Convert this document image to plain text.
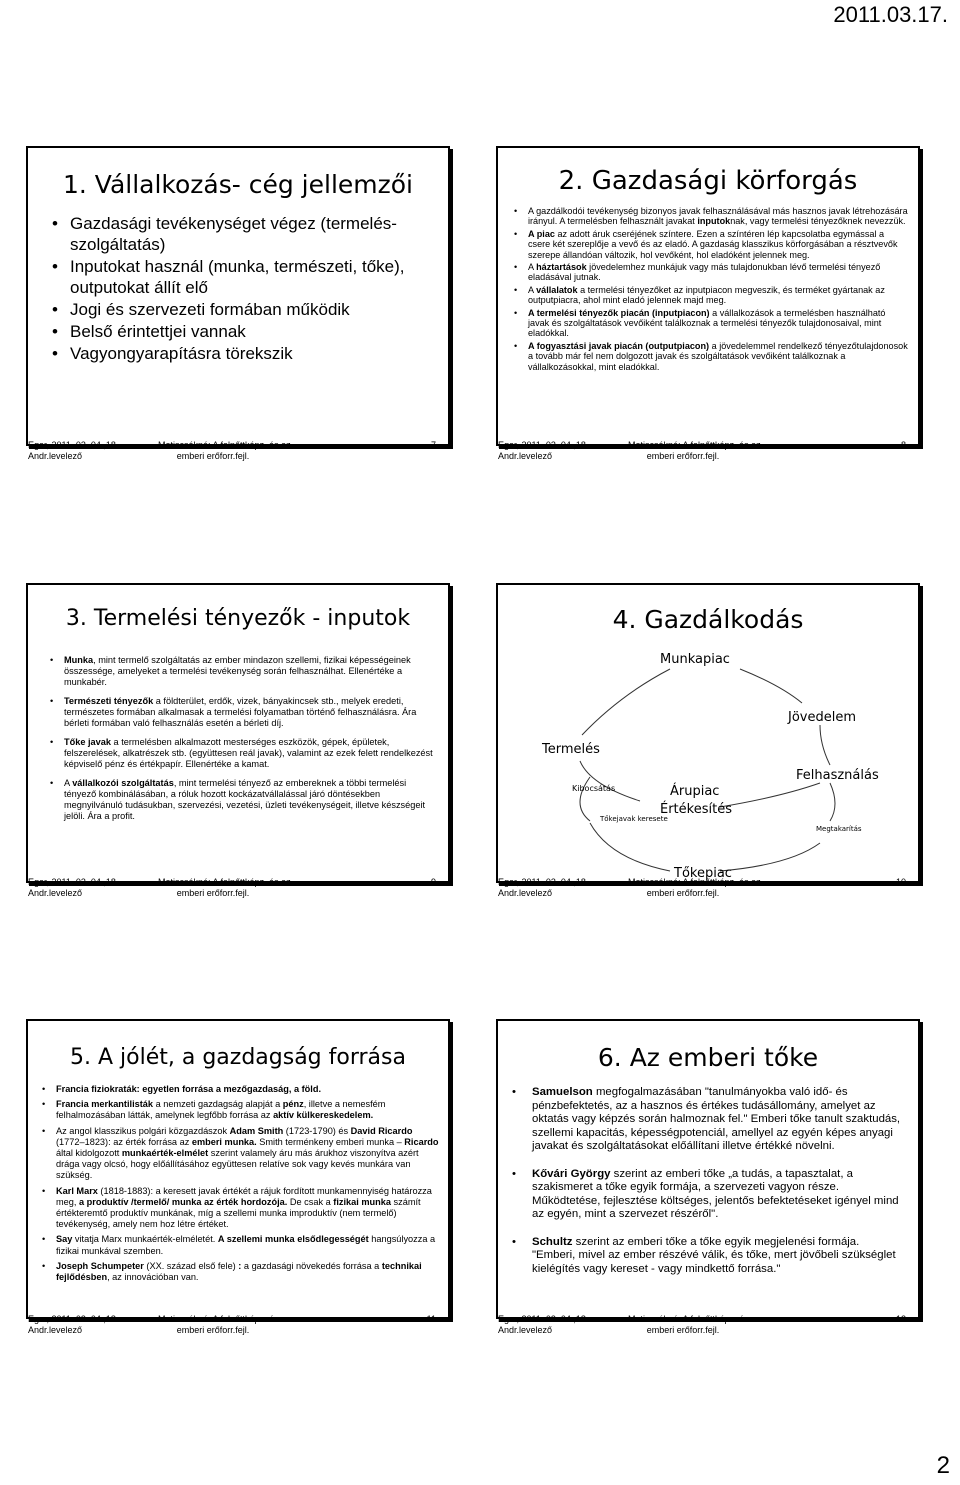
2011.03.17.
1. Vállalkozás- cég jellemzői
• Gazdasági tevékenységet végez (termelés- szolgáltatás)
• Inputokat használ (munka, természeti, tőke), outputokat állít elő
• Jogi és szervezeti formában működik
• Belső érintettjei vannak
• Vagyongyarapításra törekszik
Eger, 2011. 03. 04.,18.
Andr.levelező
Matiscsákné: A felnőttképz. és az
emberi erőforr.fejl.
7
2. Gazdasági körforgás
• A gazdálkodói tevékenység bizonyos javak felhasználásával más hasznos javak létrehozására irányul. A termelésben felhasznált javakat inputoknak, vagy termelési tényezőknek nevezzük.
• A piac az adott áruk cseréjének színtere. Ezen a színtéren lép kapcsolatba egymással a csere két szereplője a vevő és az eladó. A gazdaság klasszikus körforgásában a résztvevők szerepe állandóan változik, hol vevőként, hol eladóként jelennek meg.
• A háztartások jövedelemhez munkájuk vagy más tulajdonukban lévő termelési tényező eladásával jutnak.
• A vállalatok a termelési tényezőket az inputpiacon megveszik, és terméket gyártanak az outputpiacra, ahol mint eladó jelennek majd meg.
• A termelési tényezők piacán (inputpiacon) a vállalkozások a termelésben használható javak és szolgáltatások vevőiként találkoznak a termelési tényezők tulajdonosaival, mint eladókkal.
• A fogyasztási javak piacán (outputpiacon) a jövedelemmel rendelkező tényezőtulajdonosok a tovább már fel nem dolgozott javak és szolgáltatások vevőiként találkoznak a vállalkozásokkal, mint eladókkal.
Eger, 2011. 03. 04.,18.
Andr.levelező
Matiscsákné: A felnőttképz. és az
emberi erőforr.fejl.
8
3. Termelési tényezők - inputok
• Munka, mint termelő szolgáltatás az ember mindazon szellemi, fizikai képességeinek összessége, amelyeket a termelési tevékenység során felhasználhat. Ellenértéke a munkabér.
• Természeti tényezők a földterület, erdők, vizek, bányakincsek stb., melyek eredeti, természetes formában alkalmasak a termelési folyamatban történő felhasználásra. Ára bérleti formában való felhasználás esetén a bérleti díj.
• Tőke javak a termelésben alkalmazott mesterséges eszközök, gépek, épületek, felszerelések, alkatrészek stb. (együttesen reál javak), valamint az ezek felett rendelkezést képviselő pénz és értékpapír. Ellenértéke a kamat.
• A vállalkozói szolgáltatás, mint termelési tényező az embereknek a többi termelési tényező kombinálásában, a róluk hozott kockázatvállalással járó döntésekben megnyilvánuló tudásukban, szervezési, vezetési, üzleti tevékenységeit, illetve készségeit jelöli. Ára a profit.
Eger, 2011. 03. 04.,18.
Andr.levelező
Matiscsákné: A felnőttképz. és az
emberi erőforr.fejl.
9
4. Gazdálkodás
Munkapiac
Termelés
Jövedelem
Kibocsátás	Árupiac
Értékesítés
Felhasználás
Tőkejavak keresete
Megtakarítás
Tőkepiac
Eger, 2011. 03. 04.,18.
Andr.levelező
Matiscsákné: A felnőttképz. és az
emberi erőforr.fejl.
10
5. A jólét, a gazdagság forrása
• Francia fiziokraták: egyetlen forrása a mezőgazdaság, a föld.
• Francia merkantilisták a nemzeti gazdagság alapját a pénz, illetve a nemesfém felhalmozásában látták, amelynek legfőbb forrása az aktív külkereskedelem.
• Az angol klasszikus polgári közgazdászok Adam Smith (1723-1790) és David Ricardo (1772–1823): az érték forrása az emberi munka. Smith terménkeny emberi munka – Ricardo által kidolgozott munkaérték-elmélet szerint valamely áru más árukhoz viszonyítva azért drága vagy olcsó, hogy előállításához együttesen relatíve sok vagy kevés munkára van szükség.
• Karl Marx (1818-1883): a keresett javak értékét a rájuk fordított munkamennyiség határozza meg, a produktív /termelő/ munka az érték hordozója. De csak a fizikai munka számít értékteremtő produktív munkának, míg a szellemi munka improduktív (nem termelő) tevékenység, amely nem hoz létre értéket.
• Say vitatja Marx munkaérték-elméletét. A szellemi munka elsődlegességét hangsúlyozza a fizikai munkával szemben.
• Joseph Schumpeter (XX. század első fele) : a gazdasági növekedés forrása a technikai fejlődésben, az innovációban van.
Eger, 2011. 03. 04.,18.
Andr.levelező
Matiscsákné: A felnőttképz. és az
emberi erőforr.fejl.
11
6. Az emberi tőke
• Samuelson megfogalmazásában "tanulmányokba való idő- és pénzbefektetés, az a hasznos és értékes tudásállomány, amelyet az oktatás vagy képzés során halmoznak fel." Emberi tőke tanult szaktudás, szellemi kapacitás, képességpotenciál, amellyel az egyén képes anyagi javakat és szolgáltatásokat előállítani illetve értékké növelni.
• Kővári György szerint az emberi tőke „a tudás, a tapasztalat, a szakismeret a tőke egyik formája, a szervezeti vagyon része. Működtetése, fejlesztése költséges, jelentős befektetéseket igényel mind az egyén, mint a szervezet részéről".
• Schultz szerint az emberi tőke a tőke egyik megjelenési formája. "Emberi, mivel az ember részévé válik, és tőke, mert jövőbeli szükséglet kielégítés vagy kereset - vagy mindkettő forrása."
Eger, 2011. 03. 04.,18.
Andr.levelező
Matiscsákné: A felnőttképz. és az
emberi erőforr.fejl.
12
2
